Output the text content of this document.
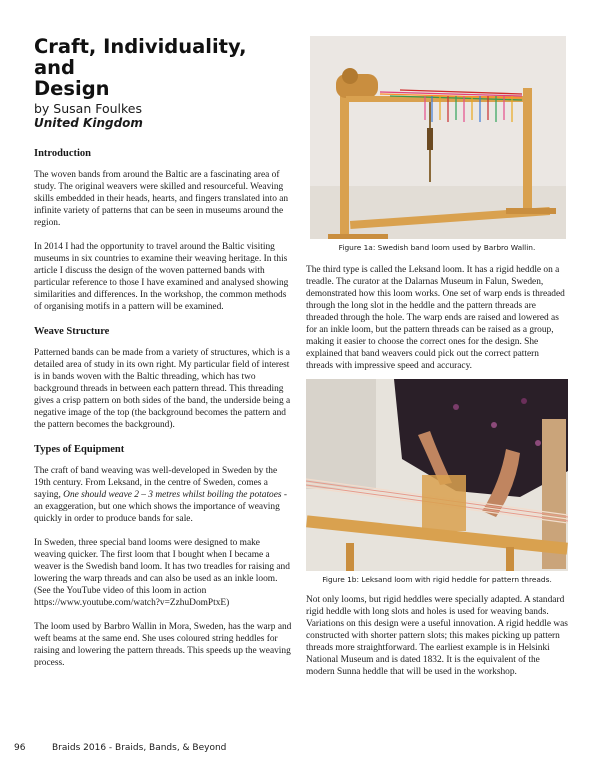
Craft, Individuality, and
Design

by Susan Foulkes

United Kingdom

Introduction

The woven bands from around the Baltic are a fascinating area of study. The original weavers were skilled and resourceful. Weaving skills embedded in their heads, hearts, and fingers translated into an infinite variety of patterns that can be seen in museums around the region.

In 2014 I had the opportunity to travel around the Baltic visiting museums in six countries to examine their weaving heritage. In this article I discuss the design of the woven patterned bands with particular reference to those I have examined and analysed showing similarities and differences. In the workshop, the common methods of organising motifs in a pattern will be examined.

Weave Structure

Patterned bands can be made from a variety of structures, which is a detailed area of study in its own right. My particular field of interest is in bands woven with the Baltic threading, which has two background threads in between each pattern thread. This threading gives a crisp pattern on both sides of the band, the underside being a negative image of the top (the background becomes the pattern and the pattern becomes the background).

Types of Equipment

The craft of band weaving was well-developed in Sweden by the 19th century. From Leksand, in the centre of Sweden, comes a saying, One should weave 2 – 3 metres whilst boiling the potatoes - an exaggeration, but one which shows the importance of weaving quickly in order to produce bands for sale.

In Sweden, three special band looms were designed to make weaving quicker. The first loom that I bought when I became a weaver is the Swedish band loom. It has two treadles for raising and lowering the warp threads and can also be used as an inkle loom. (See the YouTube video of this loom in action https://www.youtube.com/watch?v=ZzhuDomPtxE)

The loom used by Barbro Wallin in Mora, Sweden, has the warp and weft beams at the same end. She uses coloured string heddles for raising and lowering the pattern threads. This speeds up the weaving process.

Figure 1a: Swedish band loom used by Barbro Wallin.

The third type is called the Leksand loom. It has a rigid heddle on a treadle. The curator at the Dalarnas Museum in Falun, Sweden, demonstrated how this loom works. One set of warp ends is threaded through the long slot in the heddle and the pattern threads are threaded through the hole. The warp ends are raised and lowered as for an inkle loom, but the pattern threads can be raised as a group, making it easier to choose the correct ones for the design. She explained that band weavers could pick out the correct pattern threads with impressive speed and accuracy.

Figure 1b: Leksand loom with rigid heddle for pattern threads.

Not only looms, but rigid heddles were specially adapted. A standard rigid heddle with long slots and holes is used for weaving bands. Variations on this design were a useful innovation. A rigid heddle was constructed with shorter pattern slots; this makes picking up pattern threads more straightforward. The earliest example is in Helsinki National Museum and is dated 1832. It is the equivalent of the modern Sunna heddle that will be used in the workshop.

96	Braids 2016 - Braids, Bands, & Beyond
